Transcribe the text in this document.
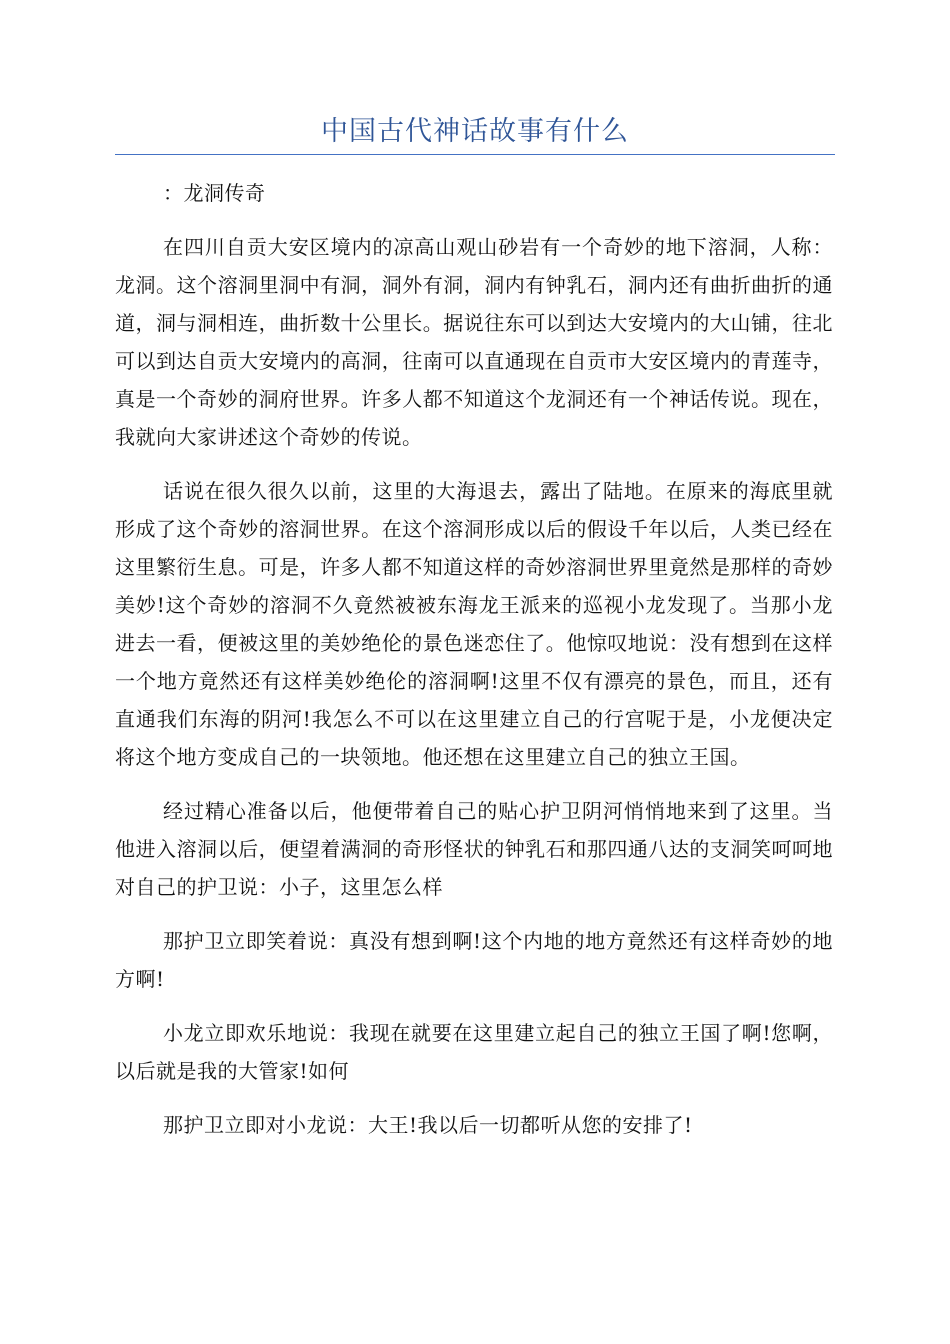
中国古代神话故事有什么

：龙洞传奇

在四川自贡大安区境内的凉高山观山砂岩有一个奇妙的地下溶洞，人称：龙洞。这个溶洞里洞中有洞，洞外有洞，洞内有钟乳石，洞内还有曲折曲折的通道，洞与洞相连，曲折数十公里长。据说往东可以到达大安境内的大山铺，往北可以到达自贡大安境内的高洞，往南可以直通现在自贡市大安区境内的青莲寺，真是一个奇妙的洞府世界。许多人都不知道这个龙洞还有一个神话传说。现在，我就向大家讲述这个奇妙的传说。

话说在很久很久以前，这里的大海退去，露出了陆地。在原来的海底里就形成了这个奇妙的溶洞世界。在这个溶洞形成以后的假设千年以后，人类已经在这里繁衍生息。可是，许多人都不知道这样的奇妙溶洞世界里竟然是那样的奇妙美妙!这个奇妙的溶洞不久竟然被被东海龙王派来的巡视小龙发现了。当那小龙进去一看，便被这里的美妙绝伦的景色迷恋住了。他惊叹地说：没有想到在这样一个地方竟然还有这样美妙绝伦的溶洞啊!这里不仅有漂亮的景色，而且，还有直通我们东海的阴河!我怎么不可以在这里建立自己的行宫呢于是，小龙便决定将这个地方变成自己的一块领地。他还想在这里建立自己的独立王国。

经过精心准备以后，他便带着自己的贴心护卫阴河悄悄地来到了这里。当他进入溶洞以后，便望着满洞的奇形怪状的钟乳石和那四通八达的支洞笑呵呵地对自己的护卫说：小子，这里怎么样

那护卫立即笑着说：真没有想到啊!这个内地的地方竟然还有这样奇妙的地方啊!

小龙立即欢乐地说：我现在就要在这里建立起自己的独立王国了啊!您啊，以后就是我的大管家!如何

那护卫立即对小龙说：大王!我以后一切都听从您的安排了!
